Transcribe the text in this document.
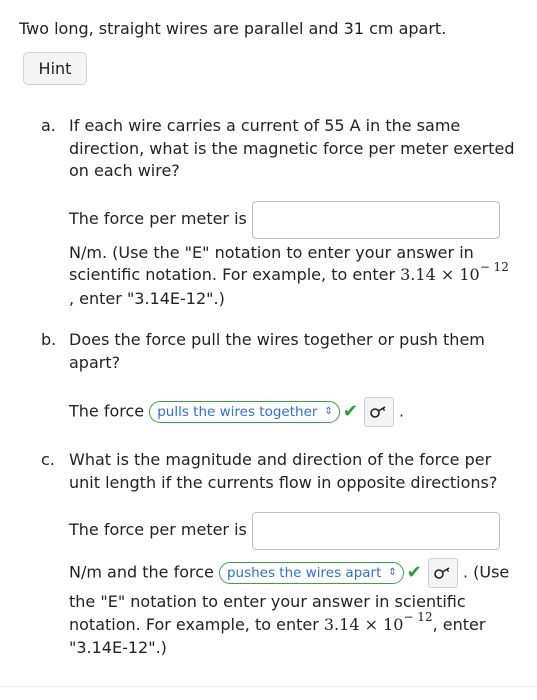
Two long, straight wires are parallel and 31 cm apart.
Hint
a. If each wire carries a current of 55 A in the same direction, what is the magnetic force per meter exerted on each wire?
The force per meter is
N/m. (Use the "E" notation to enter your answer in
scientific notation. For example, to enter $3.14 \times 10^{- 12}$
, enter "3.14E-12".)
b. Does the force pull the wires together or push them apart?
The force pulls the wires together ⇕ ✔	.
c. What is the magnitude and direction of the force per unit length if the currents flow in opposite directions?
The force per meter is
N/m and the force pushes the wires apart ⇕ ✔	. (Use
the "E" notation to enter your answer in scientific
notation. For example, to enter $3.14 \times 10^{- 12}$, enter
"3.14E-12".)
